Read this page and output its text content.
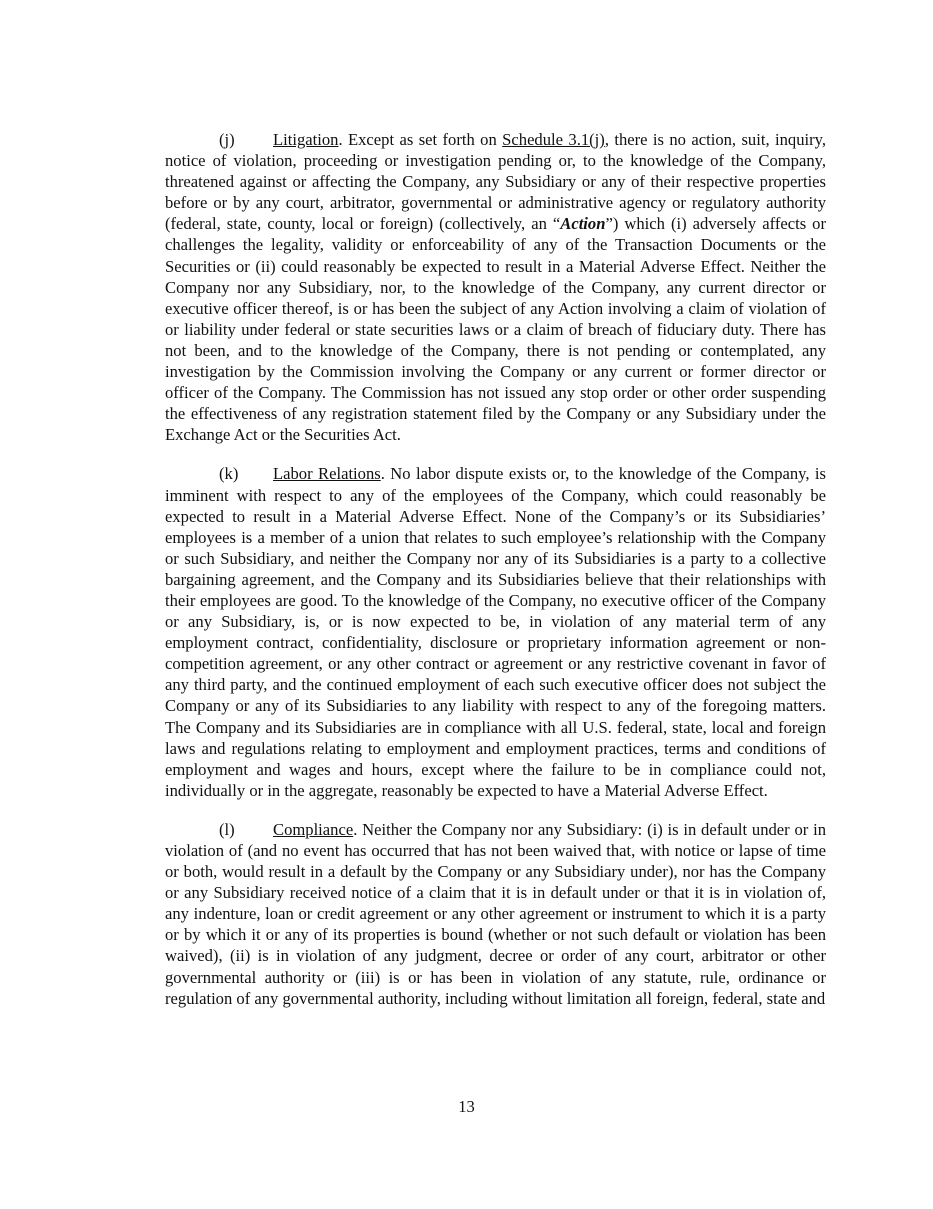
(j) Litigation. Except as set forth on Schedule 3.1(j), there is no action, suit, inquiry, notice of violation, proceeding or investigation pending or, to the knowledge of the Company, threatened against or affecting the Company, any Subsidiary or any of their respective properties before or by any court, arbitrator, governmental or administrative agency or regulatory authority (federal, state, county, local or foreign) (collectively, an “Action”) which (i) adversely affects or challenges the legality, validity or enforceability of any of the Transaction Documents or the Securities or (ii) could reasonably be expected to result in a Material Adverse Effect. Neither the Company nor any Subsidiary, nor, to the knowledge of the Company, any current director or executive officer thereof, is or has been the subject of any Action involving a claim of violation of or liability under federal or state securities laws or a claim of breach of fiduciary duty. There has not been, and to the knowledge of the Company, there is not pending or contemplated, any investigation by the Commission involving the Company or any current or former director or officer of the Company. The Commission has not issued any stop order or other order suspending the effectiveness of any registration statement filed by the Company or any Subsidiary under the Exchange Act or the Securities Act.

(k) Labor Relations. No labor dispute exists or, to the knowledge of the Company, is imminent with respect to any of the employees of the Company, which could reasonably be expected to result in a Material Adverse Effect. None of the Company’s or its Subsidiaries’ employees is a member of a union that relates to such employee’s relationship with the Company or such Subsidiary, and neither the Company nor any of its Subsidiaries is a party to a collective bargaining agreement, and the Company and its Subsidiaries believe that their relationships with their employees are good. To the knowledge of the Company, no executive officer of the Company or any Subsidiary, is, or is now expected to be, in violation of any material term of any employment contract, confidentiality, disclosure or proprietary information agreement or non-competition agreement, or any other contract or agreement or any restrictive covenant in favor of any third party, and the continued employment of each such executive officer does not subject the Company or any of its Subsidiaries to any liability with respect to any of the foregoing matters. The Company and its Subsidiaries are in compliance with all U.S. federal, state, local and foreign laws and regulations relating to employment and employment practices, terms and conditions of employment and wages and hours, except where the failure to be in compliance could not, individually or in the aggregate, reasonably be expected to have a Material Adverse Effect.

(l) Compliance. Neither the Company nor any Subsidiary: (i) is in default under or in violation of (and no event has occurred that has not been waived that, with notice or lapse of time or both, would result in a default by the Company or any Subsidiary under), nor has the Company or any Subsidiary received notice of a claim that it is in default under or that it is in violation of, any indenture, loan or credit agreement or any other agreement or instrument to which it is a party or by which it or any of its properties is bound (whether or not such default or violation has been waived), (ii) is in violation of any judgment, decree or order of any court, arbitrator or other governmental authority or (iii) is or has been in violation of any statute, rule, ordinance or regulation of any governmental authority, including without limitation all foreign, federal, state and

13
